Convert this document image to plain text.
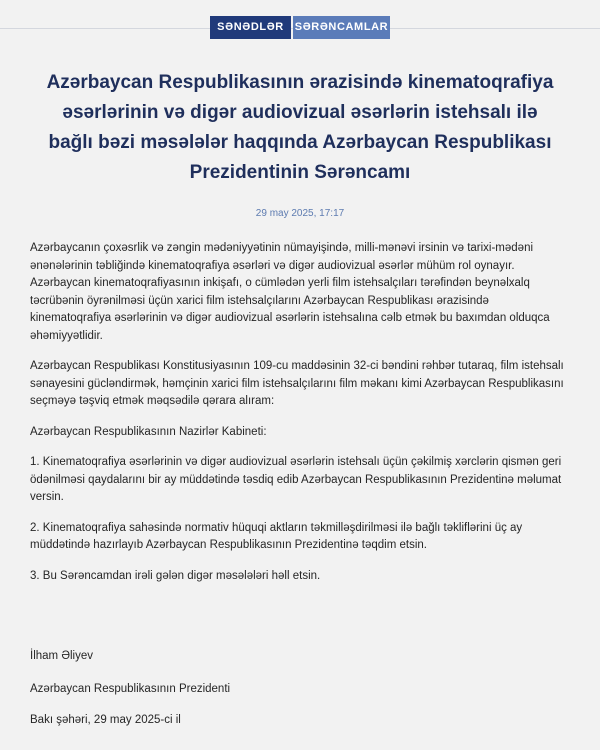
SƏNƏDLƏR SƏRƏNCAMLAR
Azərbaycan Respublikasının ərazisində kinematoqrafiya əsərlərinin və digər audiovizual əsərlərin istehsalı ilə bağlı bəzi məsələlər haqqında Azərbaycan Respublikası Prezidentinin Sərəncamı
29 may 2025, 17:17

Azərbaycanın çoxəsrlik və zəngin mədəniyyətinin nümayişində, milli-mənəvi irsinin və tarixi-mədəni ənənələrinin təbliğində kinematoqrafiya əsərləri və digər audiovizual əsərlər mühüm rol oynayır. Azərbaycan kinematoqrafiyasının inkişafı, o cümlədən yerli film istehsalçıları tərəfindən beynəlxalq təcrübənin öyrənilməsi üçün xarici film istehsalçılarını Azərbaycan Respublikası ərazisində kinematoqrafiya əsərlərinin və digər audiovizual əsərlərin istehsalına cəlb etmək bu baxımdan olduqca əhəmiyyətlidir.

Azərbaycan Respublikası Konstitusiyasının 109-cu maddəsinin 32-ci bəndini rəhbər tutaraq, film istehsalı sənayesini gücləndirmək, həmçinin xarici film istehsalçılarını film məkanı kimi Azərbaycan Respublikasını seçməyə təşviq etmək məqsədilə qərara alıram:

Azərbaycan Respublikasının Nazirlər Kabineti:

1. Kinematoqrafiya əsərlərinin və digər audiovizual əsərlərin istehsalı üçün çəkilmiş xərclərin qismən geri ödənilməsi qaydalarını bir ay müddətində təsdiq edib Azərbaycan Respublikasının Prezidentinə məlumat versin.

2. Kinematoqrafiya sahəsində normativ hüquqi aktların təkmilləşdirilməsi ilə bağlı təkliflərini üç ay müddətində hazırlayıb Azərbaycan Respublikasının Prezidentinə təqdim etsin.

3. Bu Sərəncamdan irəli gələn digər məsələləri həll etsin.

İlham Əliyev

Azərbaycan Respublikasının Prezidenti

Bakı şəhəri, 29 may 2025-ci il
